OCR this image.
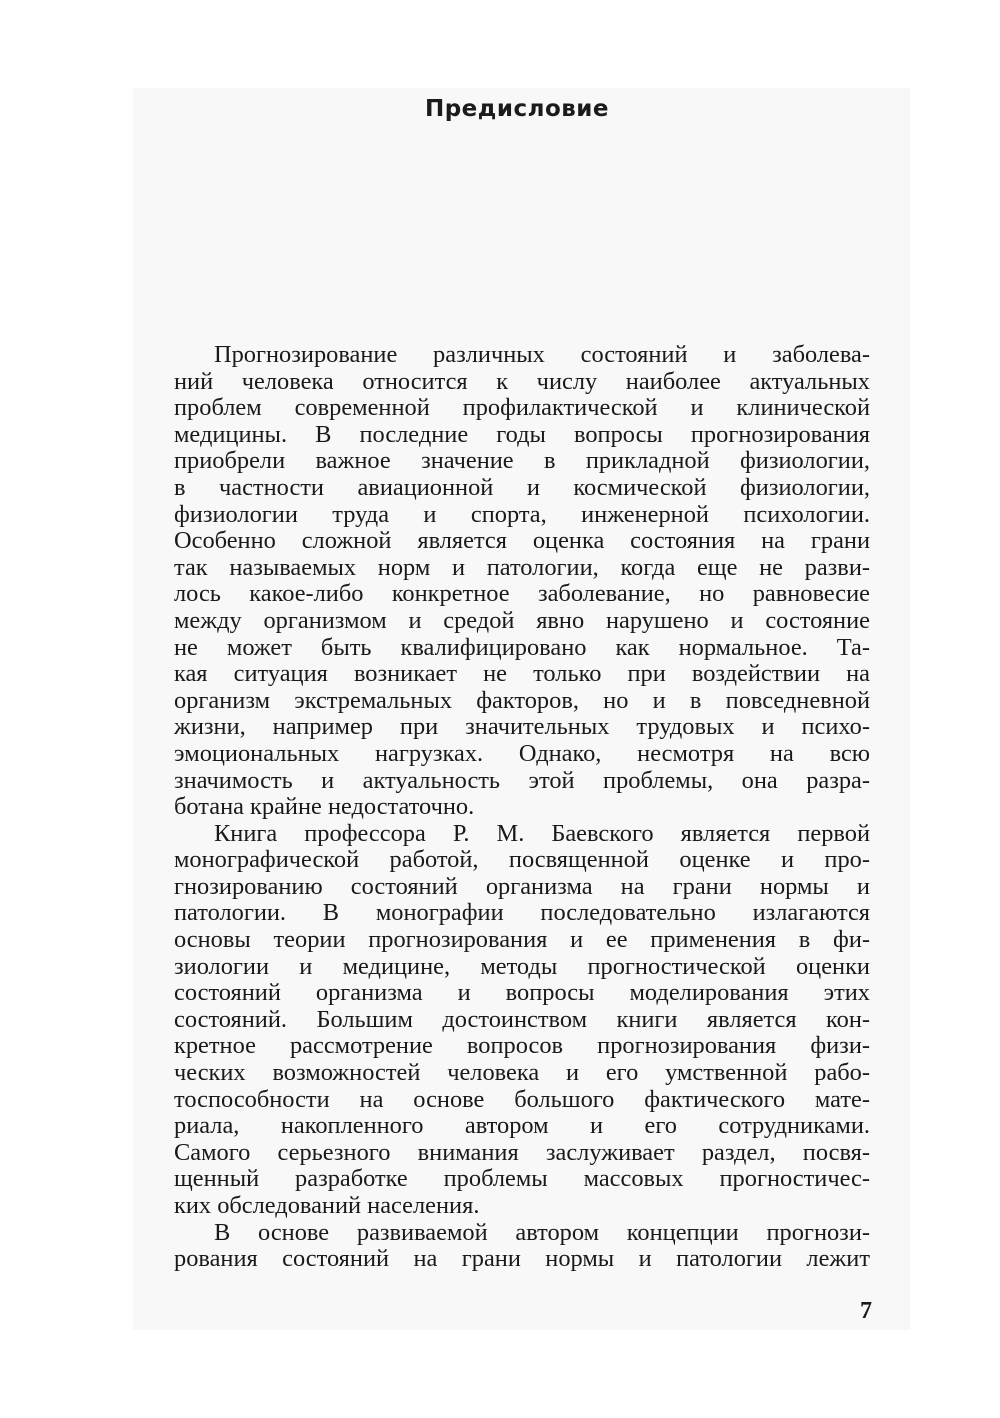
Предисловие
Прогнозирование различных состояний и заболева-
ний человека относится к числу наиболее актуальных
проблем современной профилактической и клинической
медицины. В последние годы вопросы прогнозирования
приобрели важное значение в прикладной физиологии,
в частности авиационной и космической физиологии,
физиологии труда и спорта, инженерной психологии.
Особенно сложной является оценка состояния на грани
так называемых норм и патологии, когда еще не разви-
лось какое-либо конкретное заболевание, но равновесие
между организмом и средой явно нарушено и состояние
не может быть квалифицировано как нормальное. Та-
кая ситуация возникает не только при воздействии на
организм экстремальных факторов, но и в повседневной
жизни, например при значительных трудовых и психо-
эмоциональных нагрузках. Однако, несмотря на всю
значимость и актуальность этой проблемы, она разра-
ботана крайне недостаточно.
Книга профессора Р. М. Баевского является первой
монографической работой, посвященной оценке и про-
гнозированию состояний организма на грани нормы и
патологии. В монографии последовательно излагаются
основы теории прогнозирования и ее применения в фи-
зиологии и медицине, методы прогностической оценки
состояний организма и вопросы моделирования этих
состояний. Большим достоинством книги является кон-
кретное рассмотрение вопросов прогнозирования физи-
ческих возможностей человека и его умственной рабо-
тоспособности на основе большого фактического мате-
риала, накопленного автором и его сотрудниками.
Самого серьезного внимания заслуживает раздел, посвя-
щенный разработке проблемы массовых прогностичес-
ких обследований населения.
В основе развиваемой автором концепции прогнози-
рования состояний на грани нормы и патологии лежит
7
